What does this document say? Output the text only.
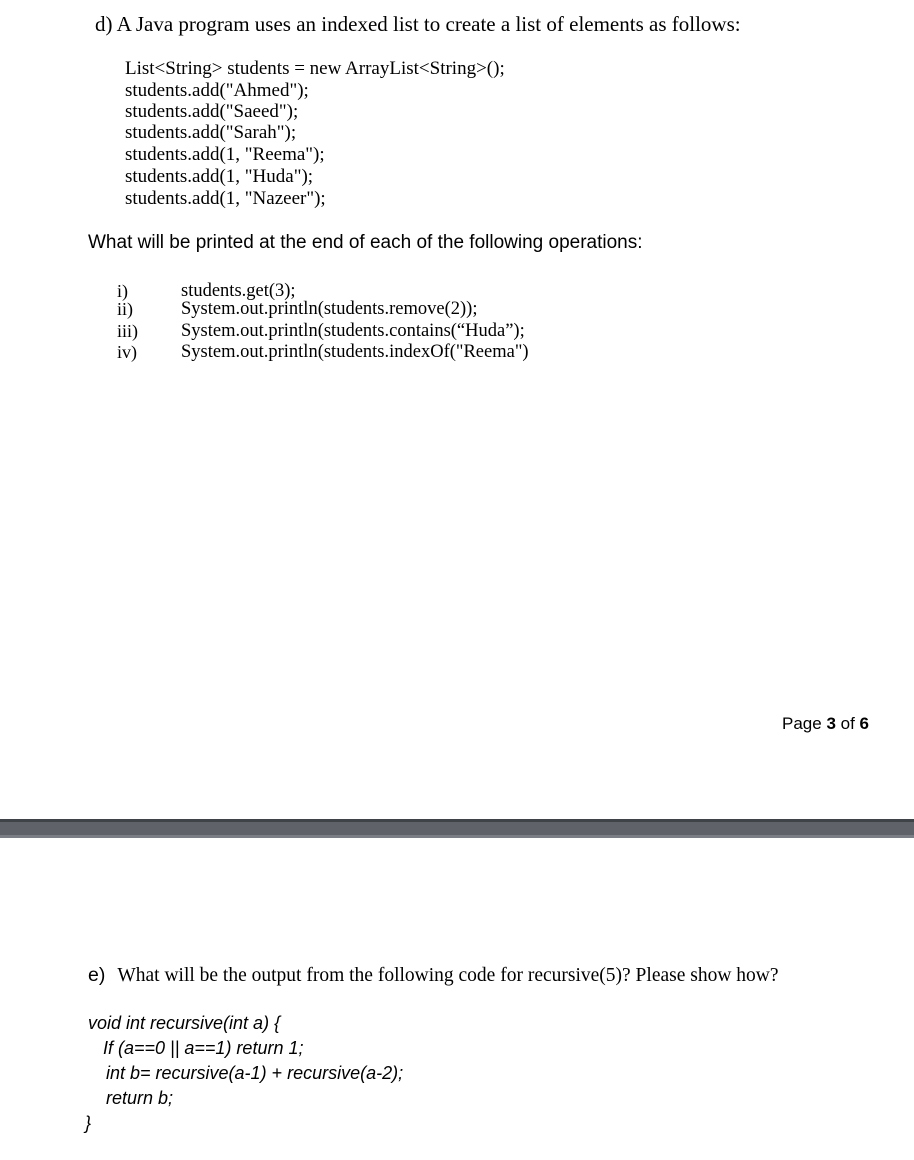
d) A Java program uses an indexed list to create a list of elements as follows:
List<String> students = new ArrayList<String>();
students.add("Ahmed");
students.add("Saeed");
students.add("Sarah");
students.add(1, "Reema");
students.add(1, "Huda");
students.add(1, "Nazeer");
What will be printed at the end of each of the following operations:
i)	students.get(3);
ii)	System.out.println(students.remove(2));
iii) System.out.println(students.contains(“Huda”);
iv) System.out.println(students.indexOf("Reema")
Page 3 of 6
e) What will be the output from the following code for recursive(5)? Please show how?
void int recursive(int a) {
If (a==0 || a==1) return 1;
int b= recursive(a-1) + recursive(a-2);
return b;
}
